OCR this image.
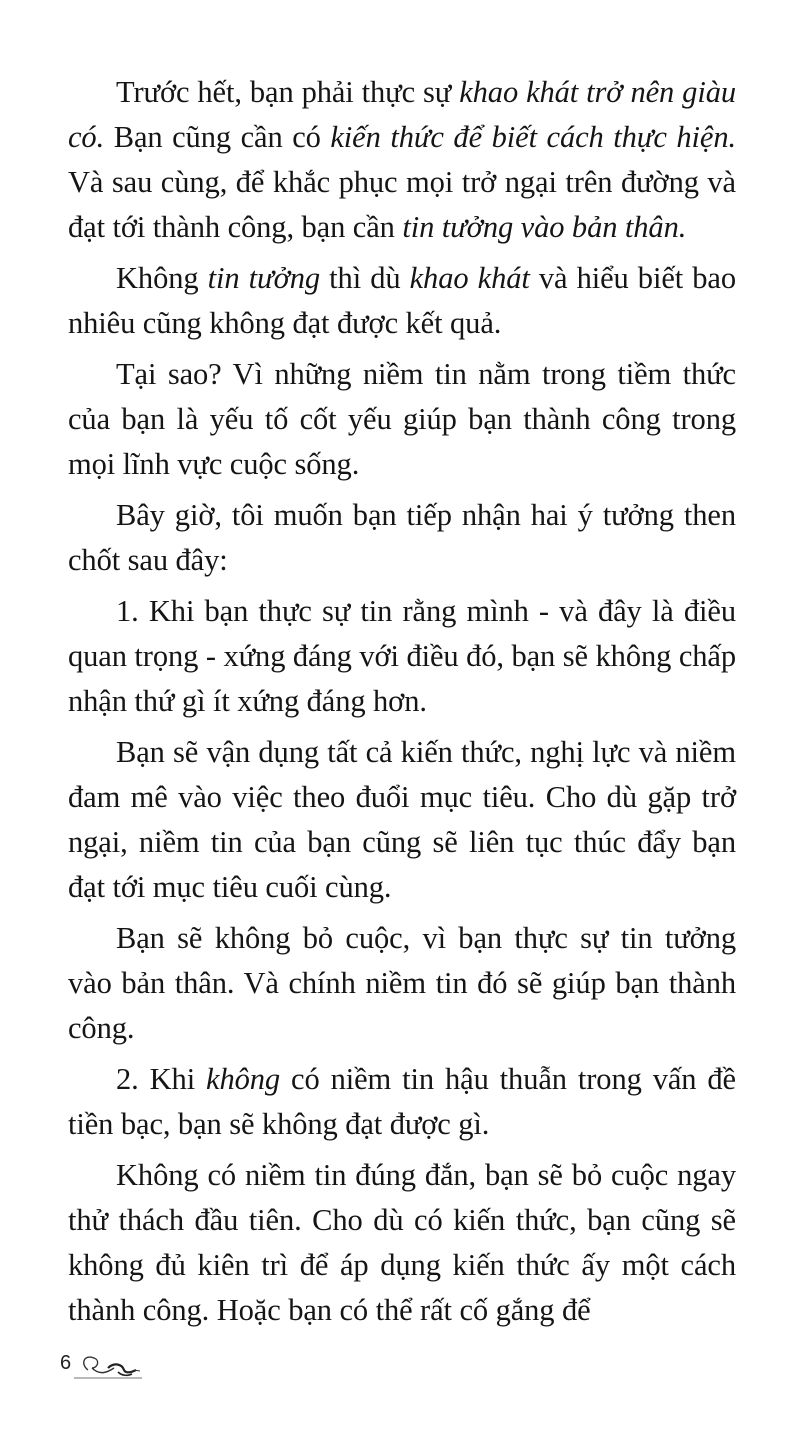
Trước hết, bạn phải thực sự khao khát trở nên giàu có. Bạn cũng cần có kiến thức để biết cách thực hiện. Và sau cùng, để khắc phục mọi trở ngại trên đường và đạt tới thành công, bạn cần tin tưởng vào bản thân.

Không tin tưởng thì dù khao khát và hiểu biết bao nhiêu cũng không đạt được kết quả.

Tại sao? Vì những niềm tin nằm trong tiềm thức của bạn là yếu tố cốt yếu giúp bạn thành công trong mọi lĩnh vực cuộc sống.

Bây giờ, tôi muốn bạn tiếp nhận hai ý tưởng then chốt sau đây:

1. Khi bạn thực sự tin rằng mình - và đây là điều quan trọng - xứng đáng với điều đó, bạn sẽ không chấp nhận thứ gì ít xứng đáng hơn.

Bạn sẽ vận dụng tất cả kiến thức, nghị lực và niềm đam mê vào việc theo đuổi mục tiêu. Cho dù gặp trở ngại, niềm tin của bạn cũng sẽ liên tục thúc đẩy bạn đạt tới mục tiêu cuối cùng.

Bạn sẽ không bỏ cuộc, vì bạn thực sự tin tưởng vào bản thân. Và chính niềm tin đó sẽ giúp bạn thành công.

2. Khi không có niềm tin hậu thuẫn trong vấn đề tiền bạc, bạn sẽ không đạt được gì.

Không có niềm tin đúng đắn, bạn sẽ bỏ cuộc ngay thử thách đầu tiên. Cho dù có kiến thức, bạn cũng sẽ không đủ kiên trì để áp dụng kiến thức ấy một cách thành công. Hoặc bạn có thể rất cố gắng để

6
